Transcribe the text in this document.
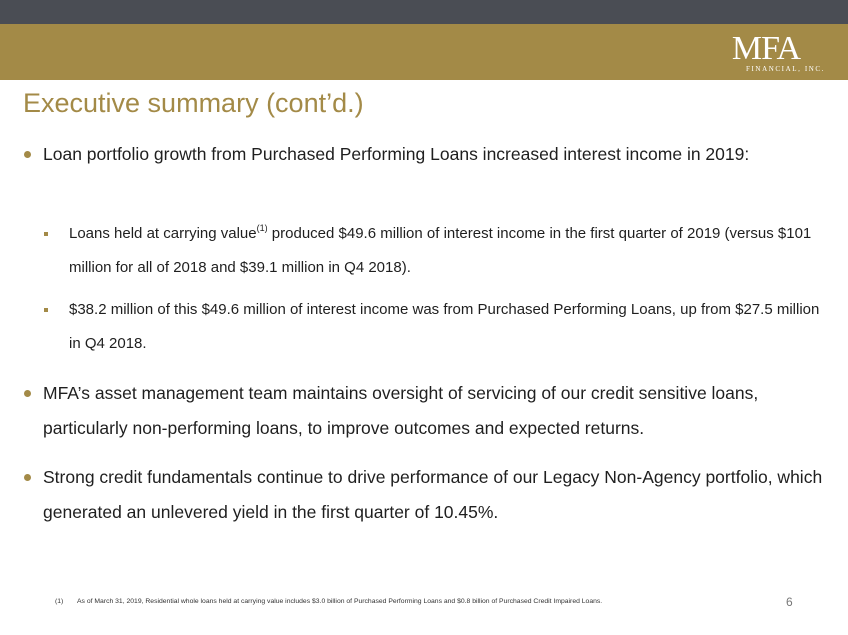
MFA
FINANCIAL, INC.
Executive summary (cont’d.)
Loan portfolio growth from Purchased Performing Loans increased interest income in 2019:
Loans held at carrying value$^{(1)}$ produced $49.6 million of interest income in the first quarter of 2019 (versus $101 million for all of 2018 and $39.1 million in Q4 2018).
$38.2 million of this $49.6 million of interest income was from Purchased Performing Loans, up from $27.5 million in Q4 2018.
MFA’s asset management team maintains oversight of servicing of our credit sensitive loans, particularly non-performing loans, to improve outcomes and expected returns.
Strong credit fundamentals continue to drive performance of our Legacy Non-Agency portfolio, which generated an unlevered yield in the first quarter of 10.45%.
(1) As of March 31, 2019, Residential whole loans held at carrying value includes $3.0 billion of Purchased Performing Loans and $0.8 billion of Purchased Credit Impaired Loans.	6
